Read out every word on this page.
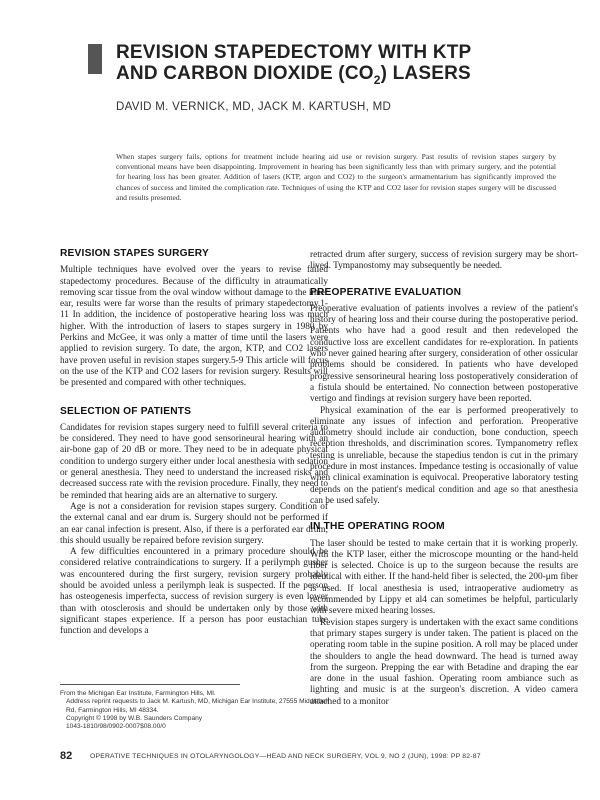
REVISION STAPEDECTOMY WITH KTP
AND CARBON DIOXIDE $(CO_2)$ LASERS
DAVID M. VERNICK, MD, JACK M. KARTUSH, MD
When stapes surgery fails, options for treatment include hearing aid use or revision surgery. Past results of revision stapes surgery by conventional means have been disappointing. Improvement in hearing has been significantly less than with primary surgery, and the potential for hearing loss has been greater. Addition of lasers (KTP, argon and CO2) to the surgeon's armamentarium has significantly improved the chances of success and limited the complication rate. Techniques of using the KTP and CO2 laser for revision stapes surgery will be discussed and results presented.
REVISION STAPES SURGERY

Multiple techniques have evolved over the years to revise failed stapedectomy procedures. Because of the difficulty in atraumatically removing scar tissue from the oval window without damage to the inner ear, results were far worse than the results of primary stapedectomy.1-11 In addition, the incidence of postoperative hearing loss was much higher. With the introduction of lasers to stapes surgery in 1980 by Perkins and McGee, it was only a matter of time until the lasers were applied to revision surgery. To date, the argon, KTP, and CO2 lasers have proven useful in revision stapes surgery.5-9 This article will focus on the use of the KTP and CO2 lasers for revision surgery. Results will be presented and compared with other techniques.

SELECTION OF PATIENTS

Candidates for revision stapes surgery need to fulfill several criteria to be considered. They need to have good sensorineural hearing with an air-bone gap of 20 dB or more. They need to be in adequate physical condition to undergo surgery either under local anesthesia with sedation or general anesthesia. They need to understand the increased risks and decreased success rate with the revision procedure. Finally, they need to be reminded that hearing aids are an alternative to surgery.

Age is not a consideration for revision stapes surgery. Condition of the external canal and ear drum is. Surgery should not be performed if an ear canal infection is present. Also, if there is a perforated ear drum, this should usually be repaired before revision surgery.

A few difficulties encountered in a primary procedure should be considered relative contraindications to surgery. If a perilymph gusher was encountered during the first surgery, revision surgery probably should be avoided unless a perilymph leak is suspected. If the person has osteogenesis imperfecta, success of revision surgery is even lower than with otosclerosis and should be undertaken only by those with significant stapes experience. If a person has poor eustachian tube function and develops a

retracted drum after surgery, success of revision surgery may be short-lived. Tympanostomy may subsequently be needed.

PREOPERATIVE EVALUATION

Preoperative evaluation of patients involves a review of the patient's history of hearing loss and their course during the postoperative period. Patients who have had a good result and then redeveloped the conductive loss are excellent candidates for re-exploration. In patients who never gained hearing after surgery, consideration of other ossicular problems should be considered. In patients who have developed progressive sensorineural hearing loss postoperatively consideration of a fistula should be entertained. No connection between postoperative vertigo and findings at revision surgery have been reported.

Physical examination of the ear is performed preoperatively to eliminate any issues of infection and perforation. Preoperative audiometry should include air conduction, bone conduction, speech reception thresholds, and discrimination scores. Tympanometry reflex testing is unreliable, because the stapedius tendon is cut in the primary procedure in most instances. Impedance testing is occasionally of value when clinical examination is equivocal. Preoperative laboratory testing depends on the patient's medical condition and age so that anesthesia can be used safely.

IN THE OPERATING ROOM

The laser should be tested to make certain that it is working properly. With the KTP laser, either the microscope mounting or the hand-held fiber is selected. Choice is up to the surgeon because the results are identical with either. If the hand-held fiber is selected, the 200-μm fiber is used. If local anesthesia is used, intraoperative audiometry as recommended by Lippy et al4 can sometimes be helpful, particularly with severe mixed hearing losses.

Revision stapes surgery is undertaken with the exact same conditions that primary stapes surgery is under taken. The patient is placed on the operating room table in the supine position. A roll may be placed under the shoulders to angle the head downward. The head is turned away from the surgeon. Prepping the ear with Betadine and draping the ear are done in the usual fashion. Operating room ambiance such as lighting and music is at the surgeon's discretion. A video camera attached to a monitor

From the Michigan Ear Institute, Farmington Hills, MI.
Address reprint requests to Jack M. Kartush, MD, Michigan Ear Institute, 27555 Middlebelt Rd, Farmington Hills, MI 48334.
Copyright © 1998 by W.B. Saunders Company
1043-1810/98/0902-0007$08.00/0
82	OPERATIVE TECHNIQUES IN OTOLARYNGOLOGY—HEAD AND NECK SURGERY, VOL 9, NO 2 (JUN), 1998: PP 82-87
